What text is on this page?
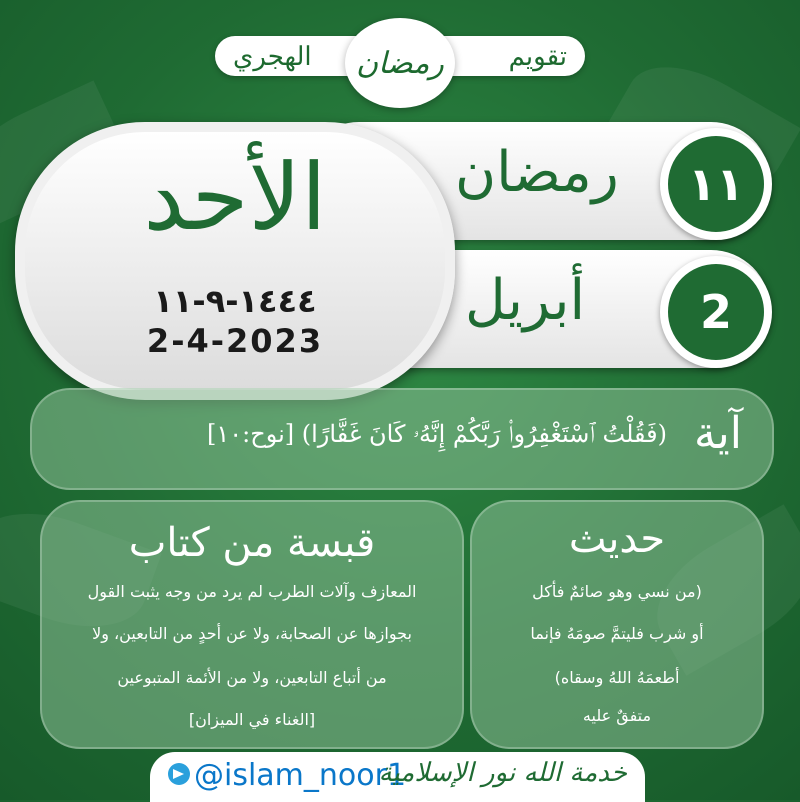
الهجري	تقويم
رمضان
رمضان	١١
أبريل	2
الأحد
١٤٤٤-٩-١١
2-4-2023
آية
(فَقُلْتُ ٱسْتَغْفِرُوا۟ رَبَّكُمْ إِنَّهُۥ كَانَ غَفَّارًا) [نوح:١٠]
قبسة من كتاب
المعازف وآلات الطرب لم يرد من وجه يثبت القول
بجوازها عن الصحابة، ولا عن أحدٍ من التابعين، ولا
من أتباع التابعين، ولا من الأئمة المتبوعين
[الغناء في الميزان]
حديث
(من نسي وهو صائمٌ فأكل
أو شرب فليتمَّ صومَهُ فإنما
أطعمَهُ اللهُ وسقاه)
متفقٌ عليه
@islam_noor1
خدمة الله نور الإسلامية
